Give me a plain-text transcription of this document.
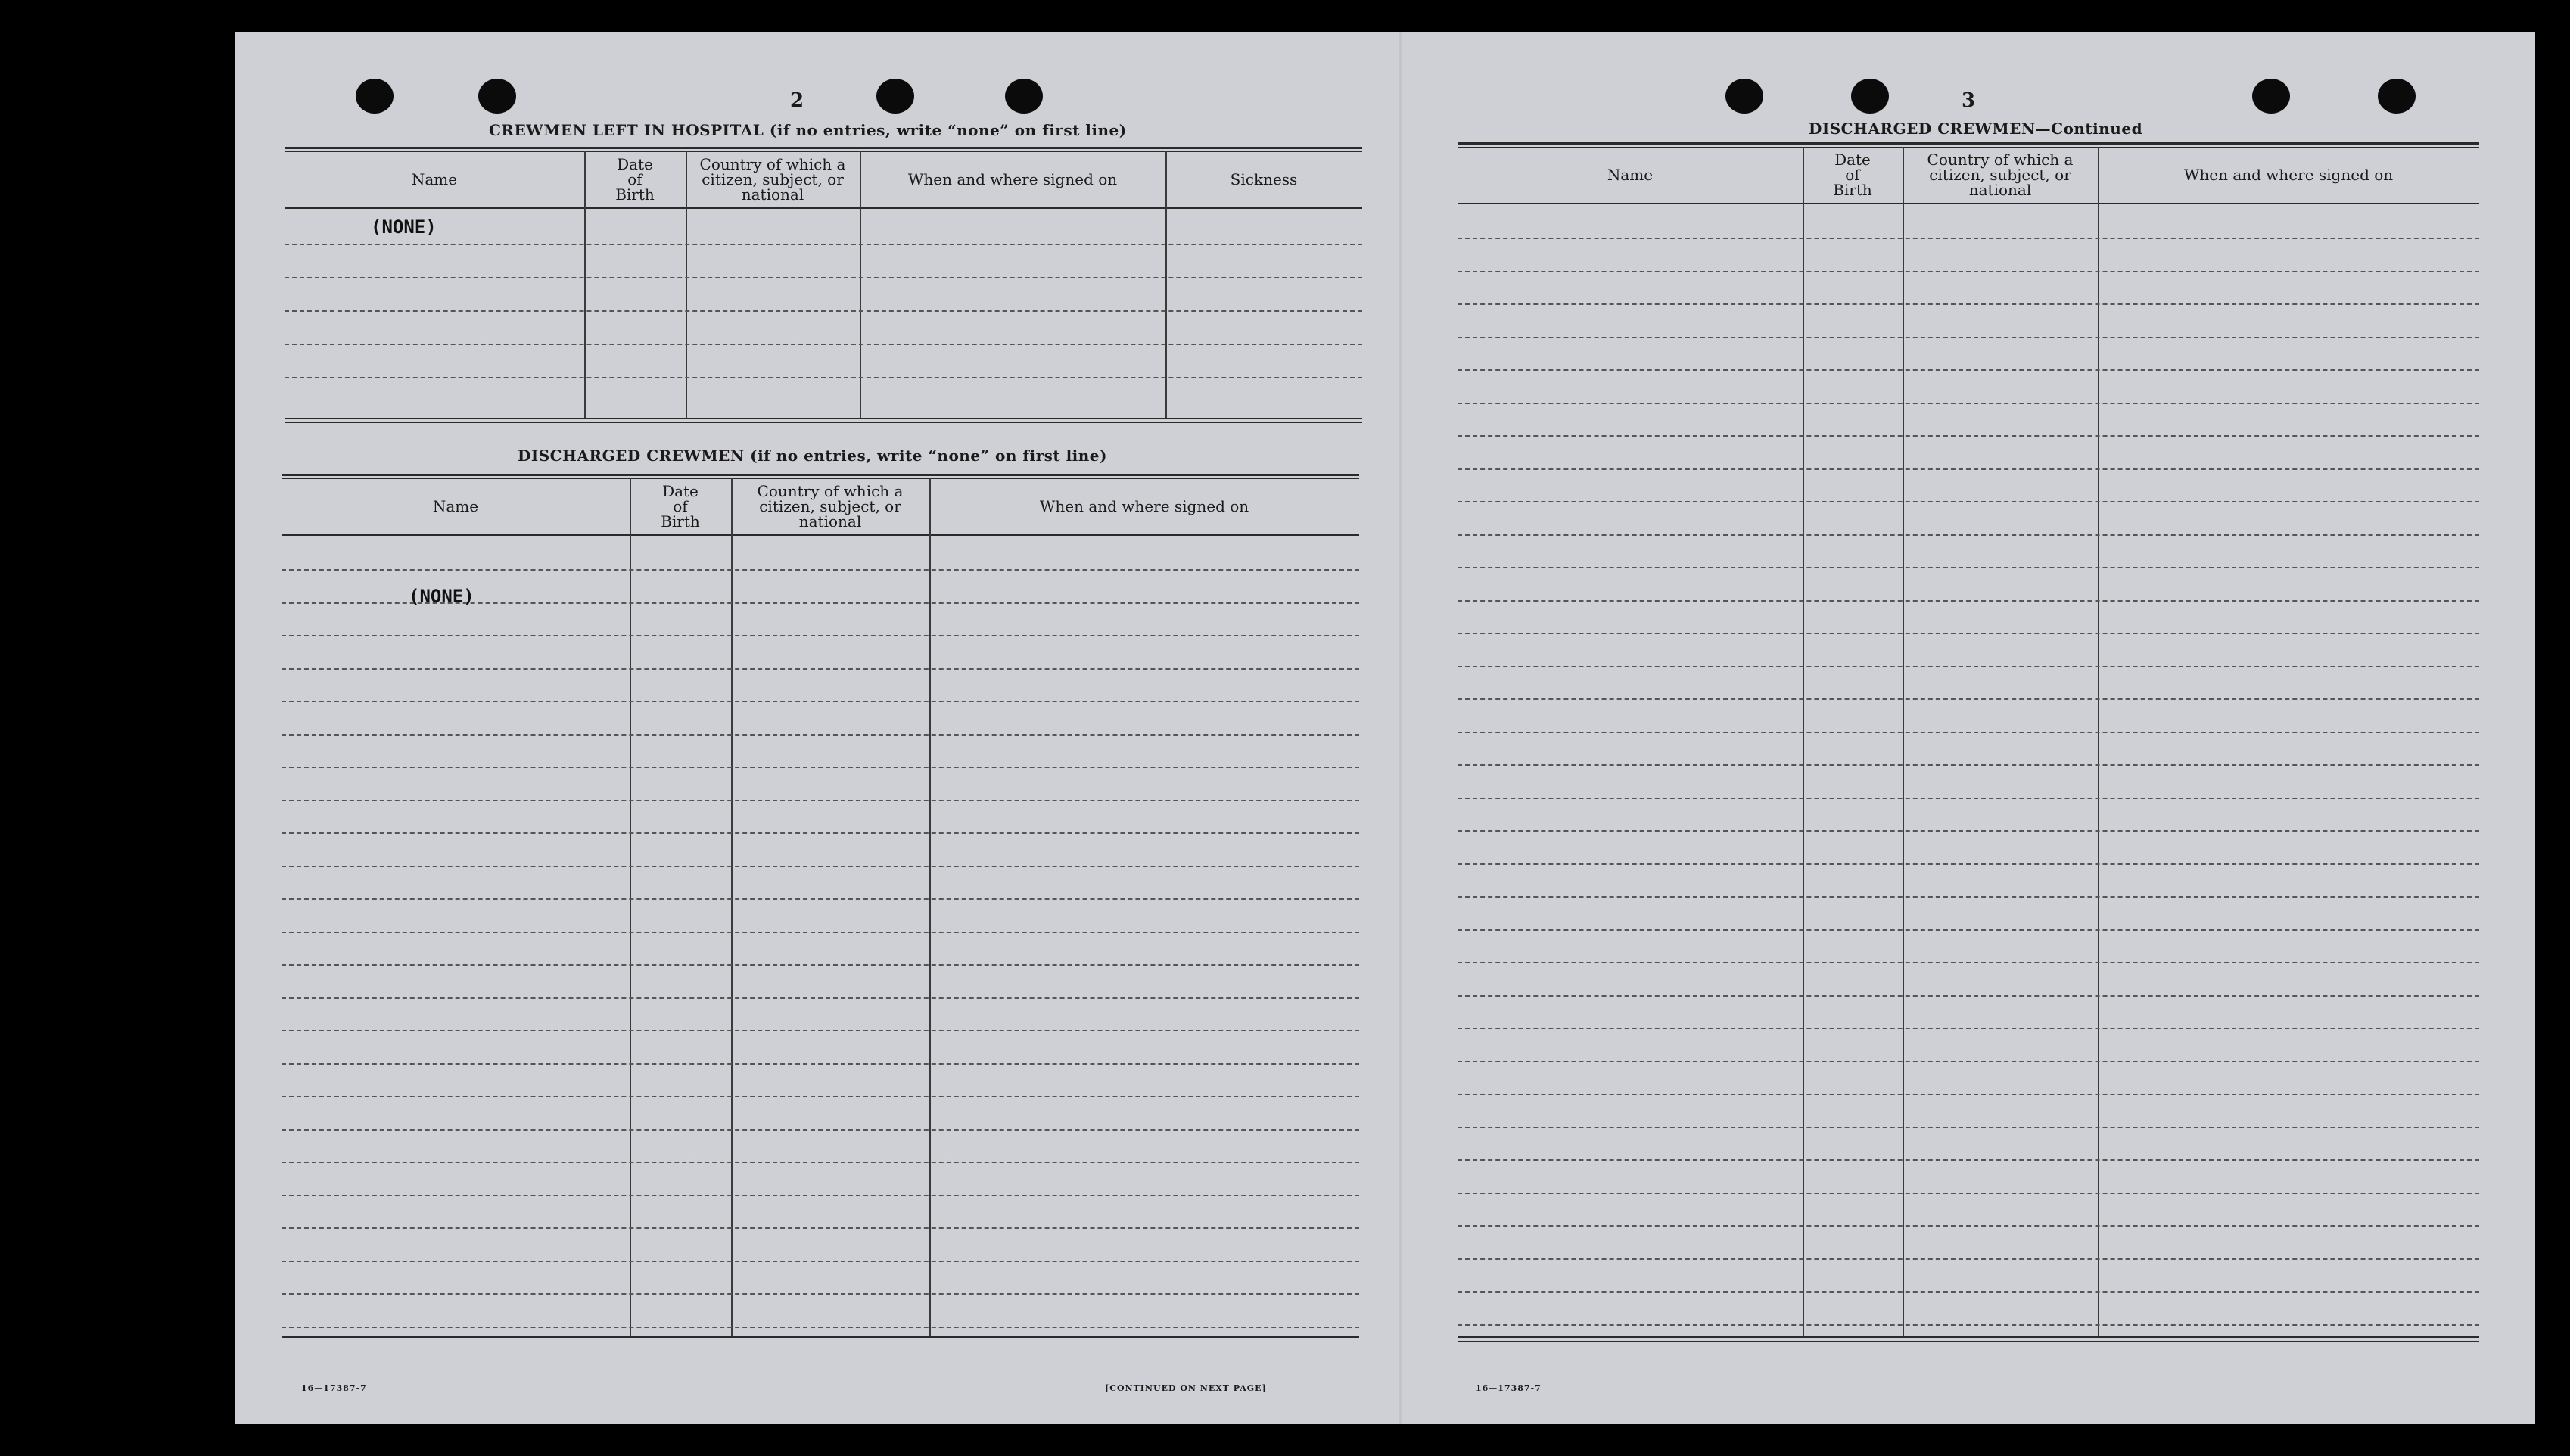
2
CREWMEN LEFT IN HOSPITAL (if no entries, write “none” on first line)
Name
Date
of
Birth
Country of which a
citizen, subject, or
national
When and where signed on	Sickness
(NONE)
DISCHARGED CREWMEN (if no entries, write “none” on first line)
Name
Date
of
Birth
Country of which a
citizen, subject, or
national
When and where signed on
(NONE)
16—17387-7	[CONTINUED ON NEXT PAGE]
3
DISCHARGED CREWMEN—Continued
Name
Date
of
Birth
Country of which a
citizen, subject, or
national
When and where signed on
16—17387-7
